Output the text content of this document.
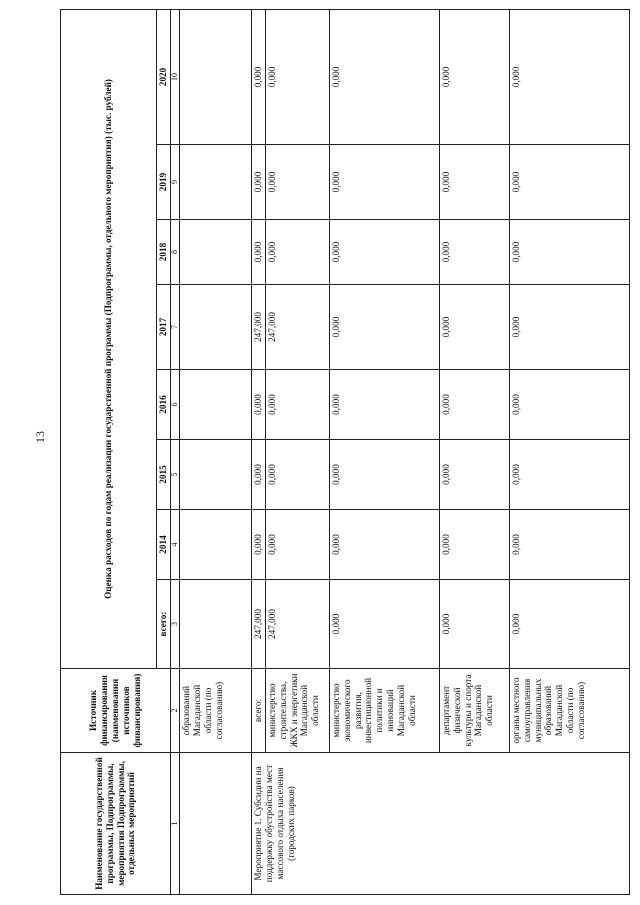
13
Наименование государственной программы, Подпрограммы, мероприятия Подпрограммы, отдельных мероприятий	Источник финансирования (наименования источников финансирования)	Оценка расходов по годам реализации государственной программы (Подпрограммы, отдельного мероприятия) (тыс. рублей)							
		всего:	2014	2015	2016	2017	2018	2019	2020
1	2	3	4	5	6	7	8	9	10
	образований Магаданской области (по согласованию)								
Мероприятие 1. Субсидии на поддержку обустройства мест массового отдыха населения (городских парков)	всего:	247,000	0,000	0,000	0,000	247,000	0,000	0,000	0,000
	министерство строительства, ЖКХ и энергетики Магаданской области	247,000	0,000	0,000	0,000	247,000	0,000	0,000	0,000
	министерство экономического развития, инвестиционной политики и инноваций Магаданской области	0,000	0,000	0,000	0,000	0,000	0,000	0,000	0,000
	департамент физической культуры и спорта Магаданской области	0,000	0,000	0,000	0,000	0,000	0,000	0,000	0,000
	органы местного самоуправления муниципальных образований Магаданской области (по согласованию)	0,000	0,000	0,000	0,000	0,000	0,000	0,000	0,000
